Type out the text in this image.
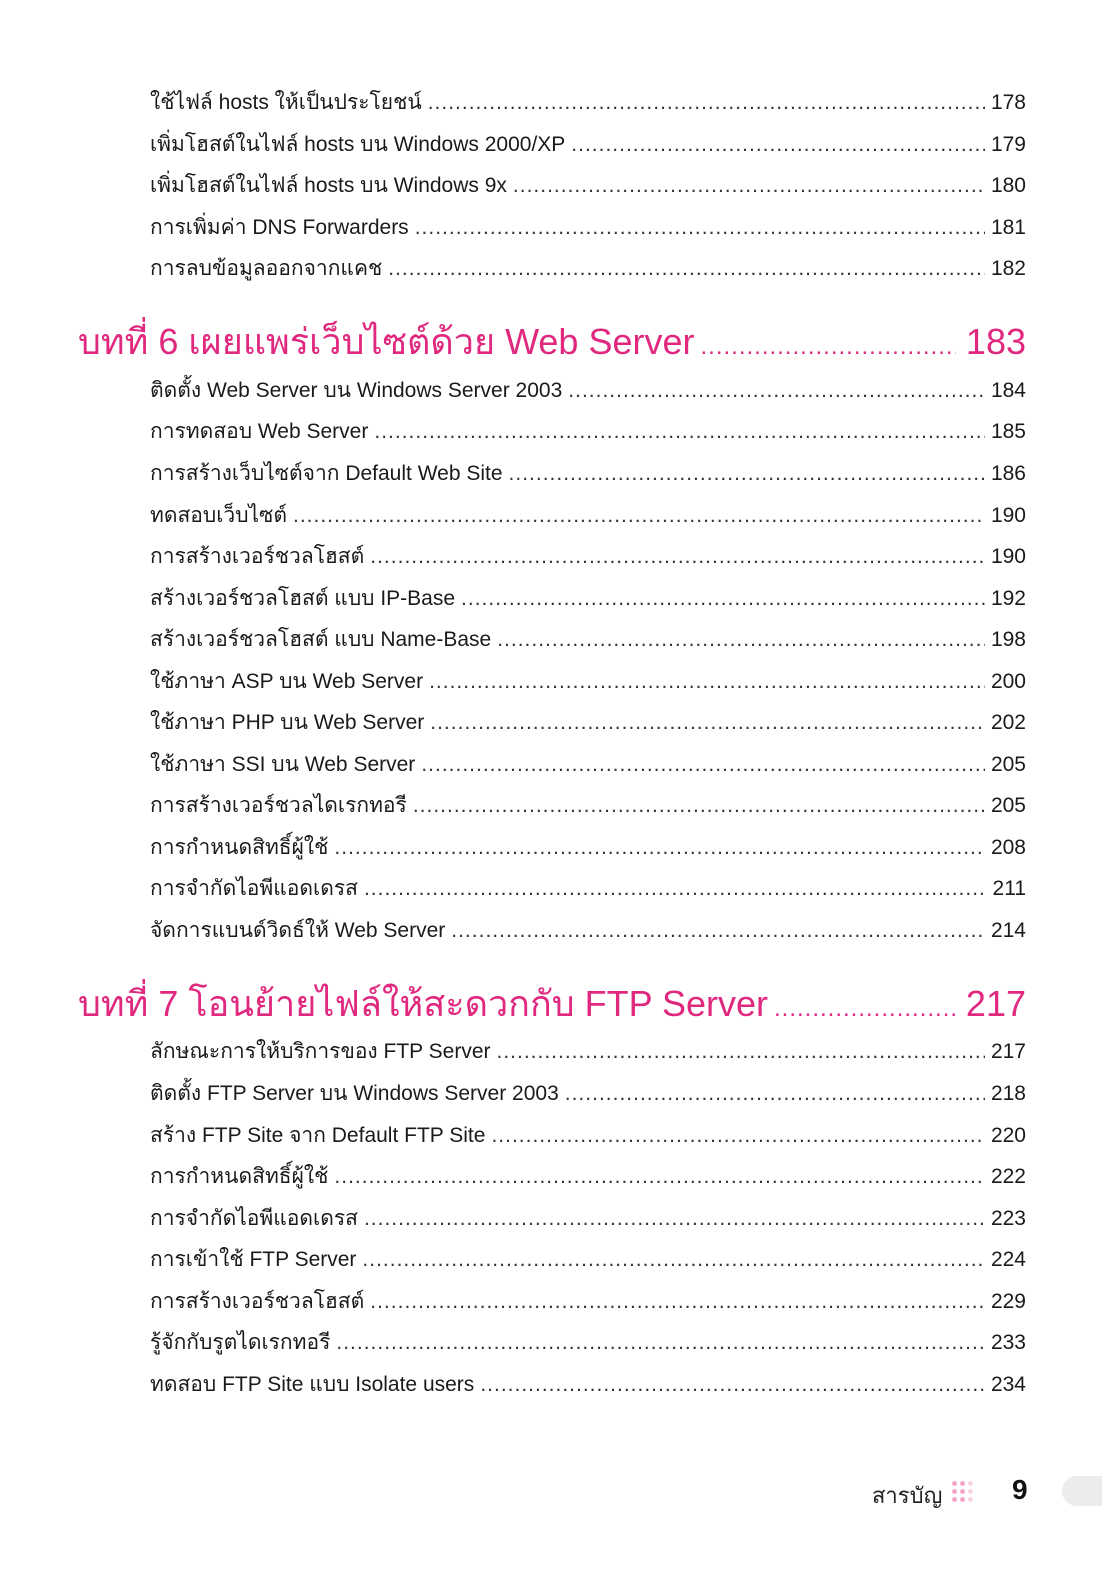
ใช้ไฟล์ hosts ให้เป็นประโยชน์ .....	178
เพิ่มโฮสต์ในไฟล์ hosts บน Windows 2000/XP .....	179
เพิ่มโฮสต์ในไฟล์ hosts บน Windows 9x .....	180
การเพิ่มค่า DNS Forwarders .....	181
การลบข้อมูลออกจากแคช .....	182
บทที่ 6 เผยแพร่เว็บไซต์ด้วย Web Server .....	183
ติดตั้ง Web Server บน Windows Server 2003 .....	184
การทดสอบ Web Server .....	185
การสร้างเว็บไซต์จาก Default Web Site .....	186
ทดสอบเว็บไซต์ .....	190
การสร้างเวอร์ชวลโฮสต์ .....	190
สร้างเวอร์ชวลโฮสต์ แบบ IP-Base .....	192
สร้างเวอร์ชวลโฮสต์ แบบ Name-Base .....	198
ใช้ภาษา ASP บน Web Server .....	200
ใช้ภาษา PHP บน Web Server .....	202
ใช้ภาษา SSI บน Web Server .....	205
การสร้างเวอร์ชวลไดเรกทอรี .....	205
การกำหนดสิทธิ์ผู้ใช้ .....	208
การจำกัดไอพีแอดเดรส .....	211
จัดการแบนด์วิดธ์ให้ Web Server .....	214
บทที่ 7 โอนย้ายไฟล์ให้สะดวกกับ FTP Server .....	217
ลักษณะการให้บริการของ FTP Server .....	217
ติดตั้ง FTP Server บน Windows Server 2003 .....	218
สร้าง FTP Site จาก Default FTP Site .....	220
การกำหนดสิทธิ์ผู้ใช้ .....	222
การจำกัดไอพีแอดเดรส .....	223
การเข้าใช้ FTP Server .....	224
การสร้างเวอร์ชวลโฮสต์ .....	229
รู้จักกับรูตไดเรกทอรี .....	233
ทดสอบ FTP Site แบบ Isolate users .....	234
สารบัญ 9
